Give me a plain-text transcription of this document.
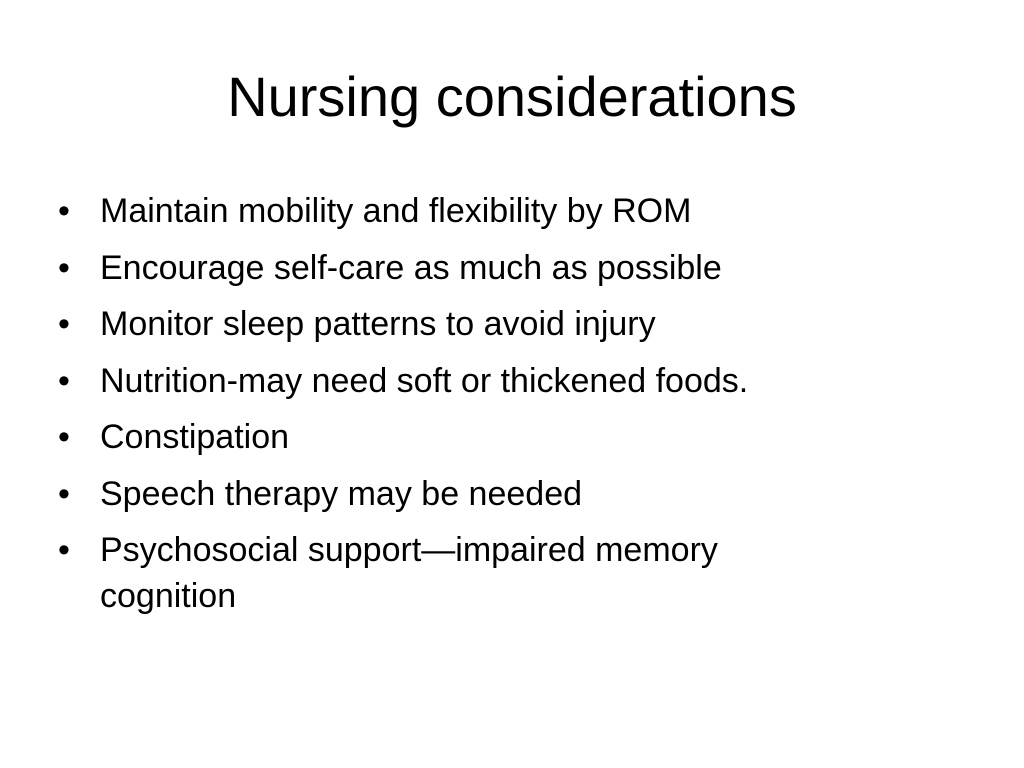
Nursing considerations
• Maintain mobility and flexibility by ROM
• Encourage self-care as much as possible
• Monitor sleep patterns to avoid injury
• Nutrition-may need soft or thickened foods.
• Constipation
• Speech therapy may be needed
• Psychosocial support—impaired memory cognition
